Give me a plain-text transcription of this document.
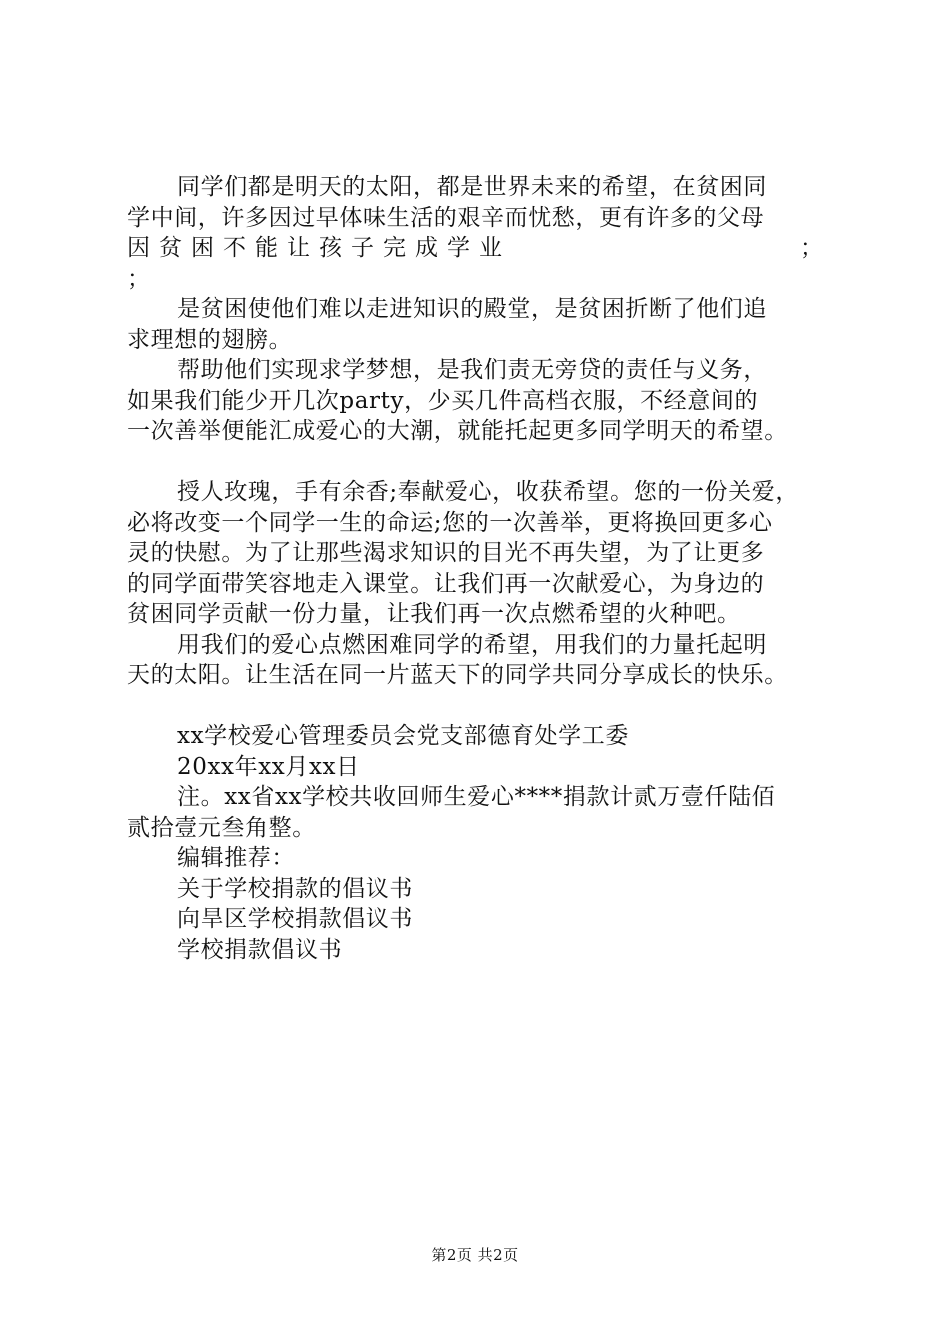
同学们都是明天的太阳，都是世界未来的希望，在贫困同
学中间，许多因过早体味生活的艰辛而忧愁，更有许多的父母
因贫困不能让孩子完成学业	；
；
是贫困使他们难以走进知识的殿堂，是贫困折断了他们追
求理想的翅膀。
帮助他们实现求学梦想，是我们责无旁贷的责任与义务，
如果我们能少开几次party，少买几件高档衣服，不经意间的
一次善举便能汇成爱心的大潮，就能托起更多同学明天的希望。
授人玫瑰，手有余香;奉献爱心，收获希望。您的一份关爱，
必将改变一个同学一生的命运;您的一次善举，更将换回更多心
灵的快慰。为了让那些渴求知识的目光不再失望，为了让更多
的同学面带笑容地走入课堂。让我们再一次献爱心，为身边的
贫困同学贡献一份力量，让我们再一次点燃希望的火种吧。
用我们的爱心点燃困难同学的希望，用我们的力量托起明
天的太阳。让生活在同一片蓝天下的同学共同分享成长的快乐。
xx学校爱心管理委员会党支部德育处学工委
20xx年xx月xx日
注。xx省xx学校共收回师生爱心****捐款计贰万壹仟陆佰
贰拾壹元叁角整。
编辑推荐：
关于学校捐款的倡议书
向旱区学校捐款倡议书
学校捐款倡议书
第2页 共2页
